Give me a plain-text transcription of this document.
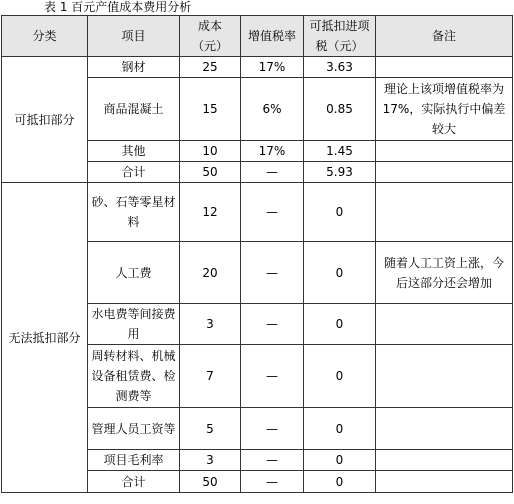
表 1 百元产值成本费用分析
分类	项目	成本（元）	增值税率	可抵扣进项税（元）	备注
可抵扣部分	钢材	25	17%	3.63	
	商品混凝土	15	6%	0.85	理论上该项增值税率为 17%，实际执行中偏差较大
	其他	10	17%	1.45	
	合计	50	—	5.93	
无法抵扣部分	砂、石等零星材料	12	—	0	
	人工费	20	—	0	随着人工工资上涨，今后这部分还会增加
	水电费等间接费用	3	—	0	
	周转材料、机械设备租赁费、检测费等	7	—	0	
	管理人员工资等	5	—	0	
	项目毛利率	3	—	0	
	合计	50	—	0	
